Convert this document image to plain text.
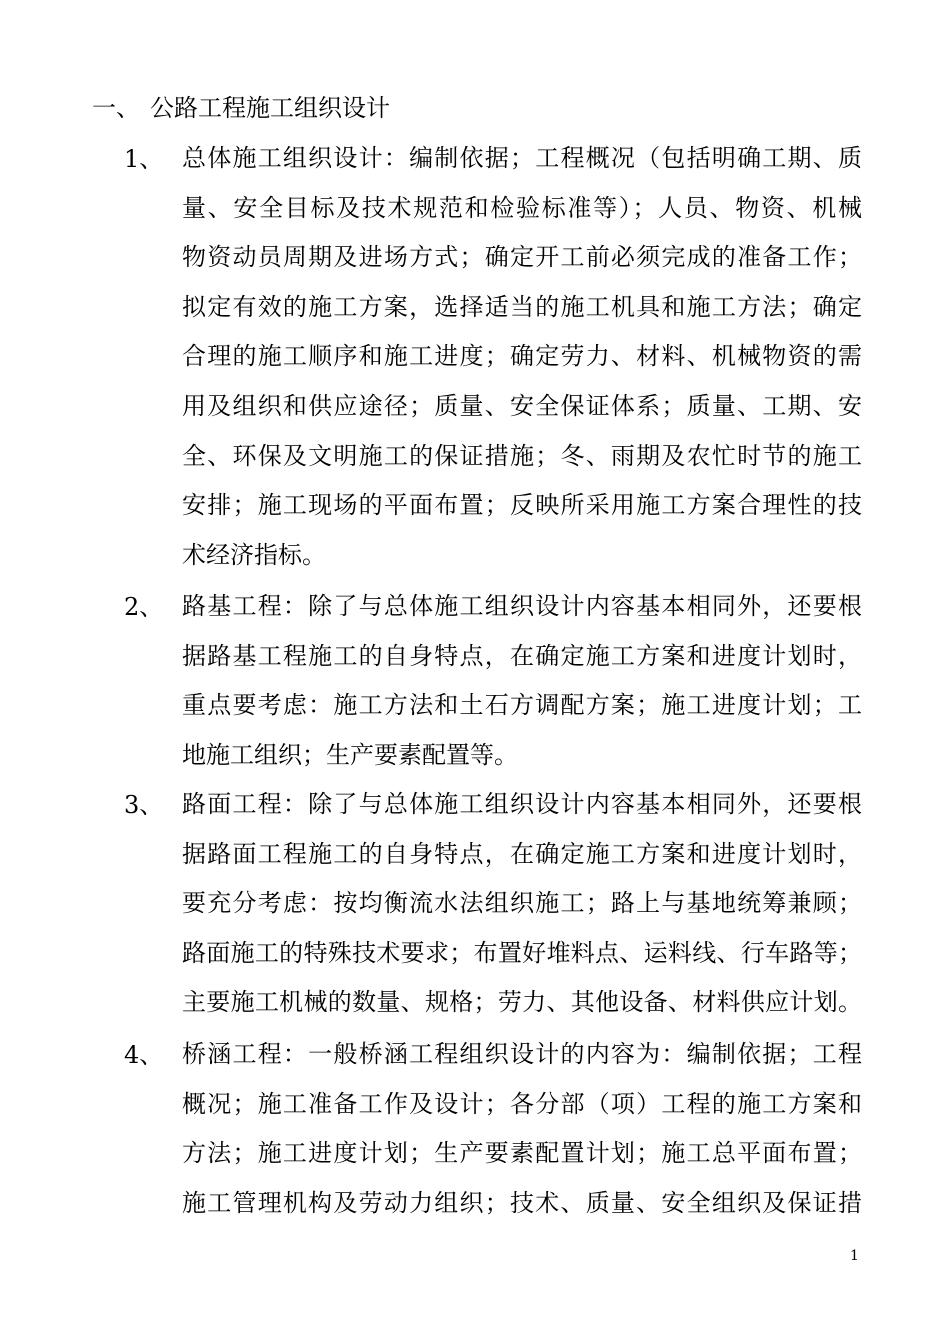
一、 公路工程施工组织设计
1、 总体施工组织设计：编制依据；工程概况（包括明确工期、质
量、安全目标及技术规范和检验标准等）；人员、物资、机械
物资动员周期及进场方式；确定开工前必须完成的准备工作；
拟定有效的施工方案，选择适当的施工机具和施工方法；确定
合理的施工顺序和施工进度；确定劳力、材料、机械物资的需
用及组织和供应途径；质量、安全保证体系；质量、工期、安
全、环保及文明施工的保证措施；冬、雨期及农忙时节的施工
安排；施工现场的平面布置；反映所采用施工方案合理性的技
术经济指标。
2、 路基工程：除了与总体施工组织设计内容基本相同外，还要根
据路基工程施工的自身特点，在确定施工方案和进度计划时，
重点要考虑：施工方法和土石方调配方案；施工进度计划；工
地施工组织；生产要素配置等。
3、 路面工程：除了与总体施工组织设计内容基本相同外，还要根
据路面工程施工的自身特点，在确定施工方案和进度计划时，
要充分考虑：按均衡流水法组织施工；路上与基地统筹兼顾；
路面施工的特殊技术要求；布置好堆料点、运料线、行车路等；
主要施工机械的数量、规格；劳力、其他设备、材料供应计划。
4、 桥涵工程：一般桥涵工程组织设计的内容为：编制依据；工程
概况；施工准备工作及设计；各分部（项）工程的施工方案和
方法；施工进度计划；生产要素配置计划；施工总平面布置；
施工管理机构及劳动力组织；技术、质量、安全组织及保证措
1
